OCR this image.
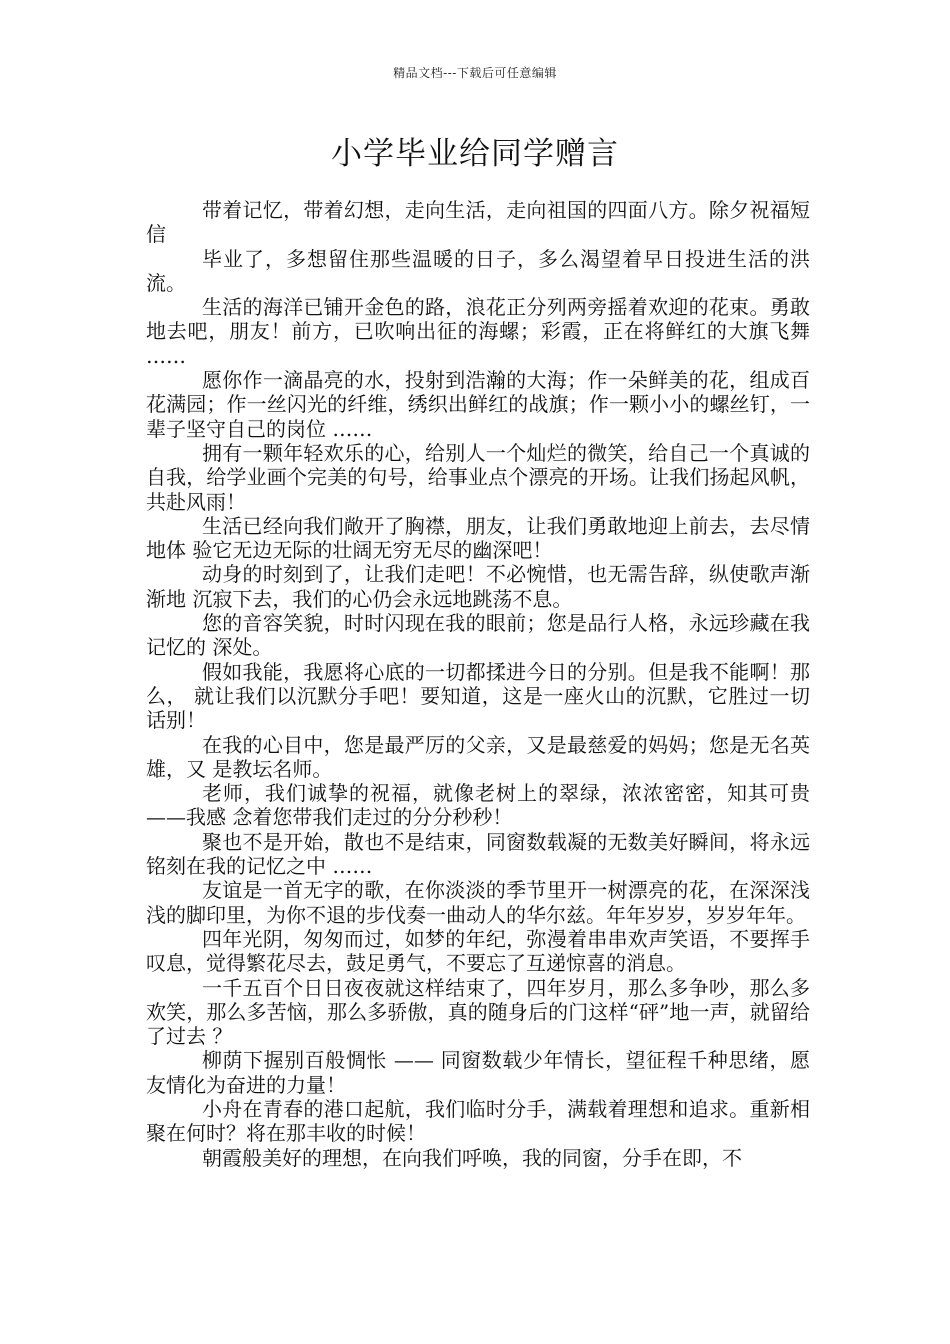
精品文档---下载后可任意编辑
小学毕业给同学赠言

带着记忆，带着幻想，走向生活，走向祖国的四面八方。除夕祝福短信

毕业了，多想留住那些温暖的日子，多么渴望着早日投进生活的洪流。

生活的海洋已铺开金色的路，浪花正分列两旁摇着欢迎的花束。勇敢地去吧，朋友！前方，已吹响出征的海螺；彩霞，正在将鲜红的大旗飞舞 ……

愿你作一滴晶亮的水，投射到浩瀚的大海；作一朵鲜美的花，组成百花满园；作一丝闪光的纤维，绣织出鲜红的战旗；作一颗小小的螺丝钉，一辈子坚守自己的岗位 ……

拥有一颗年轻欢乐的心，给别人一个灿烂的微笑，给自己一个真诚的自我，给学业画个完美的句号，给事业点个漂亮的开场。让我们扬起风帆，共赴风雨！

生活已经向我们敞开了胸襟，朋友，让我们勇敢地迎上前去，去尽情地体 验它无边无际的壮阔无穷无尽的幽深吧！

动身的时刻到了，让我们走吧！不必惋惜，也无需告辞，纵使歌声渐渐地 沉寂下去，我们的心仍会永远地跳荡不息。

您的音容笑貌，时时闪现在我的眼前；您是品行人格，永远珍藏在我记忆的 深处。

假如我能，我愿将心底的一切都揉进今日的分别。但是我不能啊！那么， 就让我们以沉默分手吧！要知道，这是一座火山的沉默，它胜过一切话别！

在我的心目中，您是最严厉的父亲，又是最慈爱的妈妈；您是无名英雄，又 是教坛名师。

老师，我们诚挚的祝福，就像老树上的翠绿，浓浓密密，知其可贵——我感 念着您带我们走过的分分秒秒！

聚也不是开始，散也不是结束，同窗数载凝的无数美好瞬间，将永远铭刻在我的记忆之中 ……

友谊是一首无字的歌，在你淡淡的季节里开一树漂亮的花，在深深浅浅的脚印里，为你不退的步伐奏一曲动人的华尔兹。年年岁岁，岁岁年年。

四年光阴，匆匆而过，如梦的年纪，弥漫着串串欢声笑语，不要挥手叹息，觉得繁花尽去，鼓足勇气，不要忘了互递惊喜的消息。

一千五百个日日夜夜就这样结束了，四年岁月，那么多争吵，那么多欢笑，那么多苦恼，那么多骄傲，真的随身后的门这样“砰”地一声，就留给了过去 ？

柳荫下握别百般惆怅 —— 同窗数载少年情长，望征程千种思绪，愿友情化为奋进的力量！

小舟在青春的港口起航，我们临时分手，满载着理想和追求。重新相聚在何时？将在那丰收的时候！

朝霞般美好的理想，在向我们呼唤，我的同窗，分手在即，不
